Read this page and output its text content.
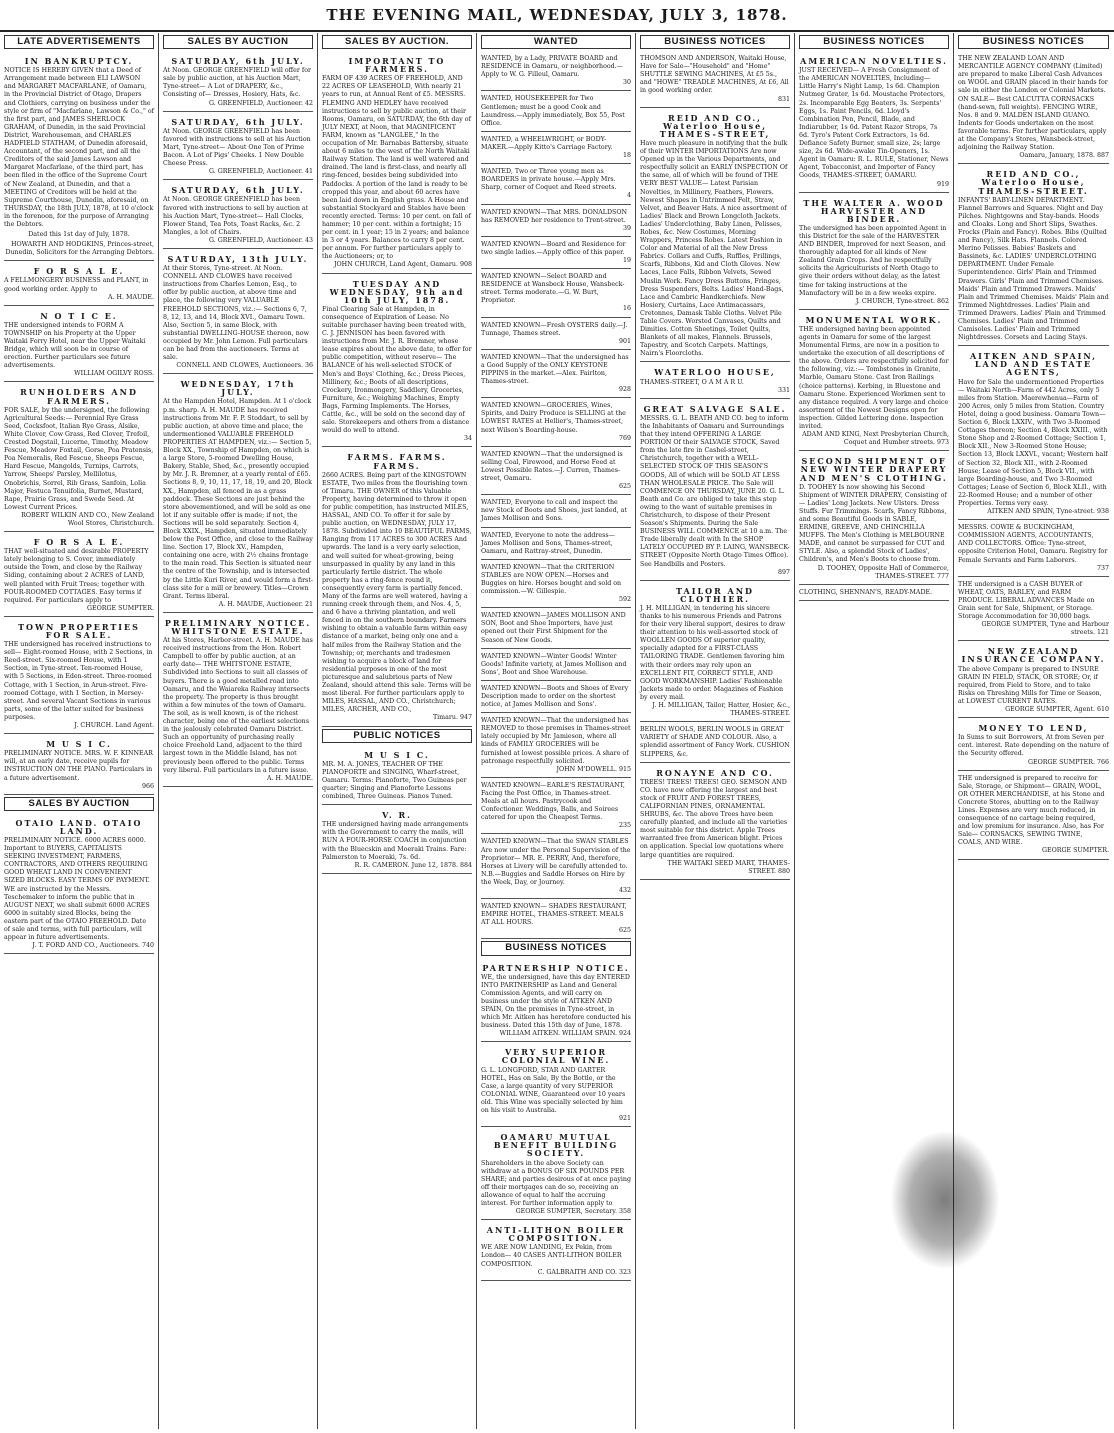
THE EVENING MAIL, WEDNESDAY, JULY 3, 1878.
LATE ADVERTISEMENTS
IN BANKRUPTCY.
NOTICE IS HEREBY GIVEN that a Deed of Arrangement made between ELI LAWSON and MARGARET MACFARLANE, of Oamaru, in the Provincial District of Otago, Drapers and Clothiers, carrying on business under the style or firm of "Macfarlane, Lawson & Co.," of the first part, and JAMES SHERLOCK GRAHAM, of Dunedin, in the said Provincial District, Warehouseman, and CHARLES HADFIELD STATHAM, of Dunedin aforesaid, Accountant, of the second part, and all the Creditors of the said James Lawson and Margaret Macfarlane, of the third part, has been filed in the office of the Supreme Court of New Zealand, at Dunedin, and that a MEETING of Creditors will be held at the Supreme Courthouse, Dunedin, aforesaid, on THURSDAY, the 18th JULY, 1878, at 10 o'clock in the forenoon, for the purpose of Arranging the Debtors.
Dated this 1st day of July, 1878.
HOWARTH AND HODGKINS, Princes-street, Dunedin, Solicitors for the Arranging Debtors.
F O R S A L E.
A FELLMONGERY BUSINESS and PLANT, in good working order. Apply to
A. H. MAUDE.
N O T I C E.
THE undersigned intends to FORM A TOWNSHIP on his Property at the Upper Waitaki Ferry Hotel, near the Upper Waitaki Bridge, which will soon be in course of erection. Further particulars see future advertisements.
WILLIAM OGILVY ROSS.
RUNHOLDERS AND FARMERS.
FOR SALE, by the undersigned, the following Agricultural Seeds:— Perennial Rye Grass Seed, Cocksfoot, Italian Rye Grass, Alsike, White Clover, Cow Grass, Red Clover, Trefoil, Crested Dogstail, Lucerne, Timothy, Meadow Fescue, Meadow Foxtail, Gorse, Poa Pratensis, Poa Nemoralis, Red Fescue, Sheeps Fescue, Hard Fescue, Mangolds, Turnips, Carrots, Yarrow, Sheeps' Parsley, Mellilotus, Onobrichis, Sorrel, Rib Grass, Sanfoin, Lolia Major, Festuca Tenuifolia, Burnet, Mustard, Rape, Prairie Grass, and Swede Seed. At Lowest Current Prices.
ROBERT WILKIN AND CO., New Zealand Wool Stores, Christchurch.
F O R S A L E.
THAT well-situated and desirable PROPERTY lately belonging to S. Cover, immediately outside the Town, and close by the Railway Siding, containing about 2 ACRES of LAND, well planted with Fruit Trees; together with FOUR-ROOMED COTTAGES. Easy terms if required. For particulars apply to
GEORGE SUMPTER.
TOWN PROPERTIES FOR SALE.
THE undersigned has received instructions to sell— Eight-roomed House, with 2 Sections, in Reed-street. Six-roomed House, with 1 Section, in Tyne-street. Ten-roomed House, with 5 Sections, in Eden-street. Three-roomed Cottage, with 1 Section, in Arun-street. Five-roomed Cottage, with 1 Section, in Mersey-street. And several Vacant Sections in various parts, some of the latter suited for business purposes.
J. CHURCH. Land Agent.
M U S I C.
PRELIMINARY NOTICE. MRS. W. F. KINNEAR will, at an early date, receive pupils for INSTRUCTION ON THE PIANO. Particulars in a future advertisement.
966
SALES BY AUCTION
OTAIO LAND. OTAIO LAND.
PRELIMINARY NOTICE. 6000 ACRES 6000. Important to BUYERS, CAPITALISTS SEEKING INVESTMENT, FARMERS, CONTRACTORS, AND OTHERS REQUIRING GOOD WHEAT LAND IN CONVENIENT SIZED BLOCKS. EASY TERMS OF PAYMENT. WE are instructed by the Messrs. Teschemaker to inform the public that in AUGUST NEXT, we shall submit 6000 ACRES 6000 in suitably sized Blocks, being the eastern part of the OTAIO FREEHOLD. Date of sale and terms, with full particulars, will appear in future advertisements.
J. T. FORD AND CO., Auctioneers. 740
SALES BY AUCTION
SATURDAY, 6th JULY.
At Noon. GEORGE GREENFIELD will offer for sale by public auction, at his Auction Mart, Tyne-street— A Lot of DRAPERY, &c., Consisting of— Dresses, Hosiery, Hats, &c.
G. GREENFIELD, Auctioneer. 42
SATURDAY, 6th JULY.
At Noon. GEORGE GREENFIELD has been favored with instructions to sell at his Auction Mart, Tyne-street— About One Ton of Prime Bacon. A Lot of Pigs' Cheeks. 1 New Double Cheese Press.
G. GREENFIELD, Auctioneer. 41
SATURDAY, 6th JULY.
At Noon. GEORGE GREENFIELD has been favored with instructions to sell by auction at his Auction Mart, Tyne-street— Hall Clocks, Flower Stand, Tea Pots, Toast Racks, &c. 2 Mangles, a lot of Chairs.
G. GREENFIELD, Auctioneer. 43
SATURDAY, 13th JULY.
At their Stores, Tyne-street. At Noon. CONNELL AND CLOWES have received instructions from Charles Lemon, Esq., to offer by public auction, at above time and place, the following very VALUABLE FREEHOLD SECTIONS, viz.:— Sections 6, 7, 8, 12, 13, and 14, Block XVI., Oamaru Town. Also, Section 5, in same Block, with substantial DWELLING-HOUSE thereon, now occupied by Mr. John Lemon. Full particulars can be had from the auctioneers. Terms at sale.
CONNELL AND CLOWES, Auctioneers. 36
WEDNESDAY, 17th JULY.
At the Hampden Hotel, Hampden. At 1 o'clock p.m. sharp. A. H. MAUDE has received instructions from Mr. F. P. Stoddart, to sell by public auction, at above time and place, the undermentioned VALUABLE FREEHOLD PROPERTIES AT HAMPDEN, viz.:— Section 5, Block XX., Township of Hampden, on which is a large Store, 5-roomed Dwelling House, Bakery, Stable, Shed, &c., presently occupied by Mr. J. R. Bremner, at a yearly rental of £65. Sections 8, 9, 10, 11, 17, 18, 19, and 20, Block XX., Hampden, all fenced in as a grass paddock. These Sections are just behind the store abovementioned, and will be sold as one lot if any suitable offer is made; if not, the Sections will be sold separately. Section 4, Block XXIX., Hampden, situated immediately below the Post Office, and close to the Railway line. Section 17, Block XV., Hampden, containing one acre, with 2½ chains frontage to the main road. This Section is situated near the centre of the Township, and is intersected by the Little Kuri River, and would form a first-class site for a mill or brewery. Titles—Crown Grant. Terms liberal.
A. H. MAUDE, Auctioneer. 21
PRELIMINARY NOTICE. WHITSTONE ESTATE.
At his Stores, Harbor-street. A. H. MAUDE has received instructions from the Hon. Robert Campbell to offer by public auction, at an early date— THE WHITSTONE ESTATE, Subdivided into Sections to suit all classes of buyers. There is a good metalled road into Oamaru, and the Waiareka Railway intersects the property. The property is thus brought within a few minutes of the town of Oamaru. The soil, as is well known, is of the richest character, being one of the earliest selections in the jealously celebrated Oamaru District. Such an opportunity of purchasing really choice Freehold Land, adjacent to the third largest town in the Middle Island, has not previously been offered to the public. Terms very liberal. Full particulars in a future issue.
A. H. MAUDE.
SALES BY AUCTION.
IMPORTANT TO FARMERS.
FARM OF 439 ACRES OF FREEHOLD, AND 22 ACRES OF LEASEHOLD, With nearly 21 years to run, at Annual Rent of £5. MESSRS. FLEMING AND HEDLEY have received instructions to sell by public auction, at their Rooms, Oamaru, on SATURDAY, the 6th day of JULY NEXT, at Noon, that MAGNIFICENT FARM, known as "LANGLEE," In the occupation of Mr. Barnabas Battersby, situate about 6 miles to the west of the North Waitaki Railway Station. The land is well watered and drained. The land is first-class, and nearly all ring-fenced, besides being subdivided into Paddocks. A portion of the land is ready to be cropped this year, and about 60 acres have been laid down in English grass. A House and substantial Stockyard and Stables have been recently erected. Terms: 10 per cent. on fall of hammer; 10 per cent. within a fortnight; 15 per cent. in 1 year; 15 in 2 years; and balance in 3 or 4 years. Balances to carry 8 per cent. per annum. For further particulars apply to the Auctioneers; or, to
JOHN CHURCH, Land Agent, Oamaru. 908
TUESDAY AND WEDNESDAY, 9th and 10th JULY, 1878.
Final Clearing Sale at Hampden, in consequence of Expiration of Lease. No suitable purchaser having been treated with, C. J. JENNISON has been favored with instructions from Mr. J. R. Bremner, whose lease expires about the above date, to offer for public competition, without reserve— The BALANCE of his well-selected STOCK of Men's and Boys' Clothing, &c.; Dress Pieces, Millinery, &c.; Boots of all descriptions, Crockery, Ironmongery, Saddlery, Groceries, Furniture, &c.; Weighing Machines, Empty Bags, Farming Implements. The Horses, Cattle, &c., will be sold on the second day of sale. Storekeepers and others from a distance would do well to attend.
34
FARMS. FARMS. FARMS.
2660 ACRES. Being part of the KINGSTOWN ESTATE, Two miles from the flourishing town of Timaru. THE OWNER of this Valuable Property, having determined to throw it open for public competition, has instructed MILES, HASSAL, AND CO. To offer it for sale by public auction, on WEDNESDAY, JULY 17, 1878. Subdivided into 10 BEAUTIFUL FARMS, Ranging from 117 ACRES to 300 ACRES And upwards. The land is a very early selection, and well suited for wheat-growing, being unsurpassed in quality by any land in this particularly fertile district. The whole property has a ring-fence round it, consequently every farm is partially fenced. Many of the farms are well watered, having a running creek through them, and Nos. 4, 5, and 6 have a thriving plantation, and well fenced in on the southern boundary. Farmers wishing to obtain a valuable farm within easy distance of a market, being only one and a half miles from the Railway Station and the Township; or, merchants and tradesmen wishing to acquire a block of land for residential purposes in one of the most picturesque and salubrious parts of New Zealand, should attend this sale. Terms will be most liberal. For further particulars apply to MILES, HASSAL, AND CO., Christchurch; MILES, ARCHER, AND CO.,
Timaru. 947
PUBLIC NOTICES
M U S I C.
MR. M. A. JONES, TEACHER OF THE PIANOFORTE and SINGING, Wharf-street, Oamaru. Terms: Pianoforte, Two Guineas per quarter; Singing and Pianoforte Lessons combined, Three Guineas. Pianos Tuned.
V. R.
THE undersigned having made arrangements with the Government to carry the mails, will RUN A FOUR-HORSE COACH in conjunction with the Bluecskin and Moeraki Trains. Fare: Palmerston to Moeraki, 7s. 6d.
R. R. CAMERON. June 12, 1878. 884
WANTED
WANTED, by a Lady, PRIVATE BOARD and RESIDENCE in Oamaru, or neighborhood.—Apply to W. G. Filleul, Oamaru.
30
WANTED, HOUSEKEEPER for Two Gentlemen; must be a good Cook and Laundress.—Apply immediately, Box 55, Post Office.
WANTED, a WHEELWRIGHT, or BODY-MAKER.—Apply Kitto's Carriage Factory.
18
WANTED, Two or Three young men as BOARDERS in private house.—Apply Mrs. Sharp, corner of Coquet and Reed streets.
4
WANTED KNOWN—That MRS. DONALDSON has REMOVED her residence to Trent-street.
39
WANTED KNOWN—Board and Residence for two single ladies.—Apply office of this paper.
19
WANTED KNOWN—Select BOARD and RESIDENCE at Wansbeck House, Wansbeck-street. Terms moderate.—G. W. Burt, Proprietor.
16
WANTED KNOWN—Fresh OYSTERS daily.—J. Tunnage, Thames street.
901
WANTED KNOWN—That the undersigned has a Good Supply of the ONLY KEYSTONE PIPPINS in the market.—Alex. Fairlton, Thames-street.
928
WANTED KNOWN—GROCERIES, Wines, Spirits, and Dairy Produce is SELLING at the LOWEST RATES at Hellier's, Thames-street, next Wilson's Boarding-house.
769
WANTED KNOWN—That the undersigned is selling Coal, Firewood, and Horse Feed at Lowest Possible Rates.—J. Curren, Thames-street, Oamaru.
625
WANTED, Everyone to call and inspect the new Stock of Boots and Shoes, just landed, at James Mollison and Sons.
WANTED, Everyone to note the address—James Mollison and Sons, Thames-street, Oamaru, and Rattray-street, Dunedin.
WANTED KNOWN—That the CRITERION STABLES are NOW OPEN.—Horses and Buggies on hire. Horses bought and sold on commission.—W. Gillespie.
592
WANTED KNOWN—JAMES MOLLISON AND SON, Boot and Shoe Importers, have just opened out their First Shipment for the Season of New Goods.
WANTED KNOWN—Winter Goods! Winter Goods! Infinite variety, at James Mollison and Sons', Boot and Shoe Warehouse.
WANTED KNOWN—Boots and Shoes of Every Description made to order on the shortest notice, at James Mollison and Sons'.
WANTED KNOWN—That the undersigned has REMOVED to those premises in Thames-street lately occupied by Mr. Jamieson, where all kinds of FAMILY GROCERIES will be furnished at lowest possible prices. A share of patronage respectfully solicited.
JOHN M'DOWELL. 915
WANTED KNOWN—EARLE'S RESTAURANT, Facing the Post Office, in Thames-street. Meals at all hours. Pastrycook and Confectioner. Weddings, Balls, and Soirees catered for upon the Cheapest Terms.
235
WANTED KNOWN—That the SWAN STABLES Are now under the Personal Supervision of the Proprietor— MR. E. PERRY, And, therefore, Horses at Livery will be carefully attended to. N.B.—Buggies and Saddle Horses on Hire by the Week, Day, or Journey.
432
WANTED KNOWN— SHADES RESTAURANT, EMPIRE HOTEL, THAMES-STREET. MEALS AT ALL HOURS.
625
BUSINESS NOTICES
PARTNERSHIP NOTICE.
WE, the undersigned, have this day ENTERED INTO PARTNERSHIP as Land and General Commission Agents, and will carry on business under the style of AITKEN AND SPAIN, On the premises in Tyne-street, in which Mr. Aitken has heretofore conducted his business. Dated this 15th day of June, 1878.
WILLIAM AITKEN. WILLIAM SPAIN. 924
VERY SUPERIOR COLONIAL WINE.
G. L. LONGFORD, STAR AND GARTER HOTEL, Has on Sale, By the Bottle, or the Case, a large quantity of very SUPERIOR COLONIAL WINE, Guaranteed over 10 years old. This Wine was specially selected by him on his visit to Australia.
921
OAMARU MUTUAL BENEFIT BUILDING SOCIETY.
Shareholders in the above Society can withdraw at a BONUS OF SIX POUNDS PER SHARE; and parties desirous of at once paying off their mortgages can do so, receiving an allowance of equal to half the accruing interest. For further information apply to
GEORGE SUMPTER, Secretary. 358
ANTI-LITHON BOILER COMPOSITION.
WE ARE NOW LANDING, Ex Pekin, from London— 40 CASES ANTI-LITHON BOILER COMPOSITION.
C. GALBRAITH AND CO. 323
BUSINESS NOTICES
THOMSON AND ANDERSON, Waitaki House, Have for Sale—"Household" and "Home" SHUTTLE SEWING MACHINES, At £5 5s., and "HOWE" TREADLE MACHINES, At £6, All in good working order.
831
REID AND CO., Waterloo House, THAMES-STREET,
Have much pleasure in notifying that the bulk of their WINTER IMPORTATIONS Are now Opened up in the Various Departments, and respectfully solicit an EARLY INSPECTION Of the same, all of which will be found of THE VERY BEST VALUE— Latest Parisian Novelties, in Millinery, Feathers, Flowers. Newest Shapes in Untrimmed Felt, Straw, Velvet, and Beaver Hats. A nice assortment of Ladies' Black and Brown Longcloth Jackets. Ladies' Underclothing, Baby Linen, Pelisses, Robes, &c. New Costumes, Morning Wrappers, Princess Robes. Latest Fashion in Color and Material of all the New Dress Fabrics. Collars and Cuffs, Ruffles, Frillings, Scarfs, Ribbons, Kid and Cloth Gloves. New Laces, Lace Falls, Ribbon Velvets, Sewed Muslin Work. Fancy Dress Buttons, Fringes, Dress Suspenders, Belts. Ladies' Hand-Bags, Lace and Cambric Handkerchiefs. New Hosiery, Curtains, Lace Antimacassars, Cretonnes, Damask Table Cloths. Velvet Pile Table Covers. Worsted Canvases, Quilts and Dimities. Cotton Sheetings, Toilet Quilts, Blankets of all makes, Flannels. Brussels, Tapestry, and Scotch Carpets. Mattings, Nairn's Floorcloths.
WATERLOO HOUSE,
THAMES-STREET, O A M A R U.
331
GREAT SALVAGE SALE.
MESSRS. G. L. BEATH AND CO. beg to inform the Inhabitants of Oamaru and Surroundings that they intend OFFERING A LARGE PORTION Of their SALVAGE STOCK, Saved from the late fire in Cashel-street, Christchurch, together with a WELL-SELECTED STOCK OF THIS SEASON'S GOODS, All of which will be SOLD AT LESS THAN WHOLESALE PRICE. The Sale will COMMENCE ON THURSDAY, JUNE 20. G. L. Beath and Co. are obliged to take this step owing to the want of suitable premises in Christchurch, to dispose of their Present Season's Shipments. During the Sale BUSINESS WILL COMMENCE at 10 a.m. The Trade liberally dealt with In the SHOP LATELY OCCUPIED BY P. LAING, WANSBECK-STREET (Opposite North Otago Times Office). See Handbills and Posters.
897
TAILOR AND CLOTHIER.
J. H. MILLIGAN, in tendering his sincere thanks to his numerous Friends and Patrons for their very liberal support, desires to draw their attention to his well-assorted stock of WOOLLEN GOODS Of superior quality, specially adapted for a FIRST-CLASS TAILORING TRADE. Gentlemen favoring him with their orders may rely upon an EXCELLENT FIT, CORRECT STYLE, AND GOOD WORKMANSHIP. Ladies' Fashionable Jackets made to order. Magazines of Fashion by every mail.
J. H. MILLIGAN, Tailor, Hatter, Hosier, &c., THAMES-STREET.
BERLIN WOOLS, BERLIN WOOLS in GREAT VARIETY of SHADE AND COLOUR. Also, a splendid assortment of Fancy Work. CUSHION SLIPPERS, &c.
RONAYNE AND CO.
TREES! TREES! TREES! GEO. SEMSON AND CO. have now offering the largest and best stock of FRUIT AND FOREST TREES, CALIFORNIAN PINES, ORNAMENTAL SHRUBS, &c. The above Trees have been carefully planted, and include all the varieties most suitable for this district. Apple Trees warranted free from American blight. Prices on application. Special low quotations where large quantities are required.
THE WAITAKI SEED MART, THAMES-STREET. 880
BUSINESS NOTICES
AMERICAN NOVELTIES.
JUST RECEIVED— A Fresh Consignment of the AMERICAN NOVELTIES, Including— Little Harry's Night Lamp, 1s 6d. Champion Nutmeg Grater, 1s 6d. Moustache Protectors, 2s. Incomparable Egg Beaters, 3s. Serpents' Eggs, 1s. Paint Pencils, 6d. Lloyd's Combination Pen, Pencil, Blade, and Indiarubber, 1s 6d. Patent Razor Strops, 7s 6d. Tyro's Patent Cork Extractors, 1s 6d. Defiance Safety Burner, small size, 2s; large size, 2s 6d. Wide-awake Tin-Openers, 1s. Agent in Oamaru: R. L. RULE, Stationer, News Agent, Tobacconist, and Importer of Fancy Goods, THAMES-STREET, OAMARU.
919
THE WALTER A. WOOD HARVESTER AND BINDER.
The undersigned has been appointed Agent in this District for the sale of the HARVESTER AND BINDER, Improved for next Season, and thoroughly adapted for all kinds of New Zealand Grain Crops. And he respectfully solicits the Agriculturists of North Otago to give their orders without delay, as the latest time for taking instructions at the Manufactory will be in a few weeks expire.
J. CHURCH, Tyne-street. 862
MONUMENTAL WORK.
THE undersigned having been appointed agents in Oamaru for some of the largest Monumental Firms, are now in a position to undertake the execution of all descriptions of the above. Orders are respectfully solicited for the following, viz.:— Tombstones in Granite, Marble, Oamaru Stone. Cast Iron Railings (choice patterns). Kerbing, in Bluestone and Oamaru Stone. Experienced Workmen sent to any distance required. A very large and choice assortment of the Newest Designs open for inspection. Gilded Lettering done. Inspection invited.
ADAM AND KING, Next Presbyterian Church, Coquet and Humber streets. 973
SECOND SHIPMENT OF NEW WINTER DRAPERY AND MEN'S CLOTHING.
D. TOOHEY Is now showing his Second Shipment of WINTER DRAPERY, Consisting of— Ladies' Long Jackets. New Ulsters. Dress Stuffs. Fur Trimmings. Scarfs, Fancy Ribbons, and some Beautiful Goods in SABLE, ERMINE, GREEVE, AND CHINCHILLA MUFFS. The Men's Clothing is MELBOURNE MADE, and cannot be surpassed for CUT and STYLE. Also, a splendid Stock of Ladies', Children's, and Men's Boots to choose from.
D. TOOHEY, Opposite Hall of Commerce, THAMES-STREET. 777
CLOTHING, SHENNAN'S, READY-MADE.
BUSINESS NOTICES
THE NEW ZEALAND LOAN AND MERCANTILE AGENCY COMPANY (Limited) are prepared to make Liberal Cash Advances on WOOL and GRAIN placed in their hands for sale in either the London or Colonial Markets. ON SALE— Best CALCUTTA CORNSACKS (hand-sewn, full weights). FENCING WIRE, Nos. 8 and 9. MALDEN ISLAND GUANO. Indents for Goods undertaken on the most favorable terms. For further particulars, apply at the Company's Stores, Wansbeck-street, adjoining the Railway Station.
Oamaru, January, 1878. 887
REID AND CO., Waterloo House, THAMES-STREET.
INFANTS' BABY-LINEN DEPARTMENT. Flannel Barrows and Squares. Night and Day Pilches. Nightgowns and Stay-bands. Hoods and Cloaks. Long and Short Slips, Swathes. Frocks (Plain and Fancy). Robes. Bibs (Quilted and Fancy), Silk Hats. Flannels. Colored Merino Pelisses. Babies' Baskets and Bassinets, &c. LADIES' UNDERCLOTHING DEPARTMENT. Under Female Superintendence. Girls' Plain and Trimmed Drawers. Girls' Plain and Trimmed Chemises. Maids' Plain and Trimmed Drawers. Maids' Plain and Trimmed Chemises. Maids' Plain and Trimmed Nightdresses. Ladies' Plain and Trimmed Drawers. Ladies' Plain and Trimmed Chemises. Ladies' Plain and Trimmed Camisoles. Ladies' Plain and Trimmed Nightdresses. Corsets and Lacing Stays.
AITKEN AND SPAIN, LAND AND ESTATE AGENTS,
Have for Sale the undermentioned Properties— Waitaki North—Farm of 442 Acres, only 5 miles from Station. Maerewhenua—Farm of 200 Acres, only 5 miles from Station. Country Hotel, doing a good business. Oamaru Town—Section 6, Block LXXIV., with Two 3-Roomed Cottages thereon; Section 4, Block XXIII., with Stone Shop and 2-Roomed Cottage; Section 1, Block XII., New 3-Roomed Stone House; Section 13, Block LXXVI., vacant; Western half of Section 32, Block XII., with 2-Roomed House; Lease of Section 5, Block VII., with large Boarding-house, and Two 3-Roomed Cottages; Lease of Section 6, Block XLII., with 22-Roomed House; and a number of other Properties. Terms very easy.
AITKEN AND SPAIN, Tyne-street. 938
MESSRS. COWIE & BUCKINGHAM, COMMISSION AGENTS, ACCOUNTANTS, AND COLLECTORS. Office: Tyne-street, opposite Criterion Hotel, Oamaru. Registry for Female Servants and Farm Laborers.
737
THE undersigned is a CASH BUYER of WHEAT, OATS, BARLEY, and FARM PRODUCE. LIBERAL ADVANCES Made on Grain sent for Sale, Shipment, or Storage. Storage Accommodation for 30,000 bags.
GEORGE SUMPTER, Tyne and Harbour streets. 121
NEW ZEALAND INSURANCE COMPANY.
The above Company is prepared to INSURE GRAIN IN FIELD, STACK, OR STORE; Or, if required, from Field to Store, and to take Risks on Threshing Mills for Time or Season, at LOWEST CURRENT RATES.
GEORGE SUMPTER, Agent. 610
MONEY TO LEND,
In Sums to suit Borrowers, At from Seven per cent. interest. Rate depending on the nature of the Security offered.
GEORGE SUMPTER. 766
THE undersigned is prepared to receive for Sale, Storage, or Shipment— GRAIN, WOOL, OR OTHER MERCHANDISE, at his Stone and Concrete Stores, abutting on to the Railway Lines. Expenses are very much reduced, in consequence of no cartage being required, and low premium for insurance. Also, has For Sale— CORNSACKS, SEWING TWINE, COALS, AND WIRE.
GEORGE SUMPTER.
